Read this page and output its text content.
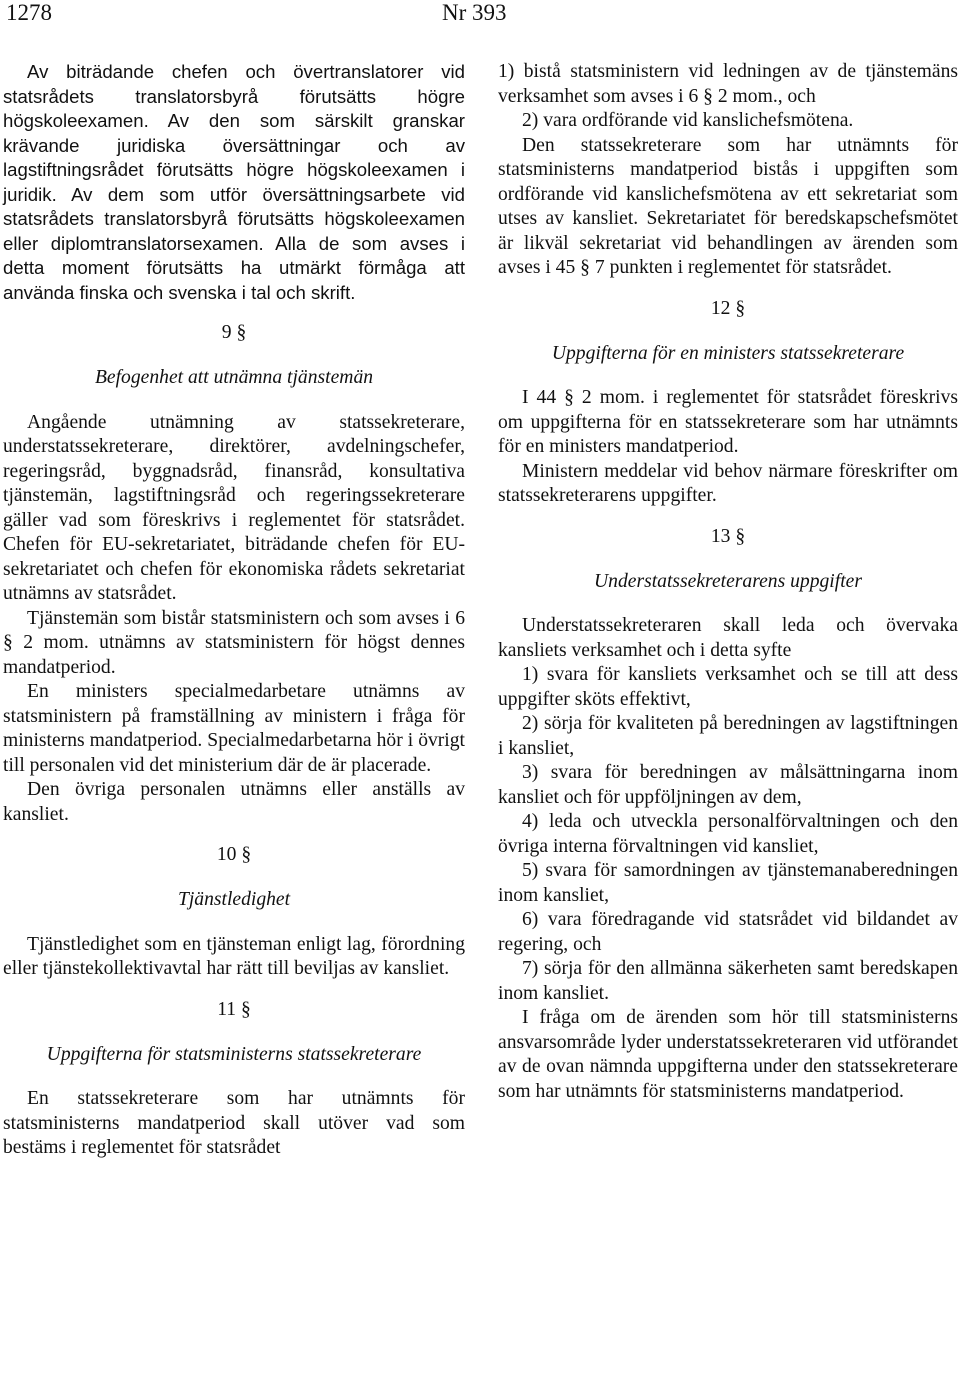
1278	Nr 393

Av biträdande chefen och övertranslatorer vid statsrådets translatorsbyrå förutsätts högre högskoleexamen. Av den som särskilt granskar krävande juridiska översättningar och av lagstiftningsrådet förutsätts högre högskoleexamen i juridik. Av dem som utför översättningsarbete vid statsrådets translatorsbyrå förutsätts högskoleexamen eller diplomtranslatorsexamen. Alla de som avses i detta moment förutsätts ha utmärkt förmåga att använda finska och svenska i tal och skrift.

9 §

Befogenhet att utnämna tjänstemän

Angående utnämning av statssekreterare, understatssekreterare, direktörer, avdelningschefer, regeringsråd, byggnadsråd, finansråd, konsultativa tjänstemän, lagstiftningsråd och regeringssekreterare gäller vad som föreskrivs i reglementet för statsrådet. Chefen för EU-sekretariatet, biträdande chefen för EU-sekretariatet och chefen för ekonomiska rådets sekretariat utnämns av statsrådet.

Tjänstemän som bistår statsministern och som avses i 6 § 2 mom. utnämns av statsministern för högst dennes mandatperiod.

En ministers specialmedarbetare utnämns av statsministern på framställning av ministern i fråga för ministerns mandatperiod. Specialmedarbetarna hör i övrigt till personalen vid det ministerium där de är placerade.

Den övriga personalen utnämns eller anställs av kansliet.

10 §

Tjänstledighet

Tjänstledighet som en tjänsteman enligt lag, förordning eller tjänstekollektivavtal har rätt till beviljas av kansliet.

11 §

Uppgifterna för statsministerns statssekreterare

En statssekreterare som har utnämnts för statsministerns mandatperiod skall utöver vad som bestäms i reglementet för statsrådet

1) bistå statsministern vid ledningen av de tjänstemäns verksamhet som avses i 6 § 2 mom., och

2) vara ordförande vid kanslichefsmötena.

Den statssekreterare som har utnämnts för statsministerns mandatperiod bistås i uppgiften som ordförande vid kanslichefsmötena av ett sekretariat som utses av kansliet. Sekretariatet för beredskapschefsmötet är likväl sekretariat vid behandlingen av ärenden som avses i 45 § 7 punkten i reglementet för statsrådet.

12 §

Uppgifterna för en ministers statssekreterare

I 44 § 2 mom. i reglementet för statsrådet föreskrivs om uppgifterna för en statssekreterare som har utnämnts för en ministers mandatperiod.

Ministern meddelar vid behov närmare föreskrifter om statssekreterarens uppgifter.

13 §

Understatssekreterarens uppgifter

Understatssekreteraren skall leda och övervaka kansliets verksamhet och i detta syfte

1) svara för kansliets verksamhet och se till att dess uppgifter sköts effektivt,

2) sörja för kvaliteten på beredningen av lagstiftningen i kansliet,

3) svara för beredningen av målsättningarna inom kansliet och för uppföljningen av dem,

4) leda och utveckla personalförvaltningen och den övriga interna förvaltningen vid kansliet,

5) svara för samordningen av tjänstemanaberedningen inom kansliet,

6) vara föredragande vid statsrådet vid bildandet av regering, och

7) sörja för den allmänna säkerheten samt beredskapen inom kansliet.

I fråga om de ärenden som hör till statsministerns ansvarsområde lyder understatssekreteraren vid utförandet av de ovan nämnda uppgifterna under den statssekreterare som har utnämnts för statsministerns mandatperiod.
